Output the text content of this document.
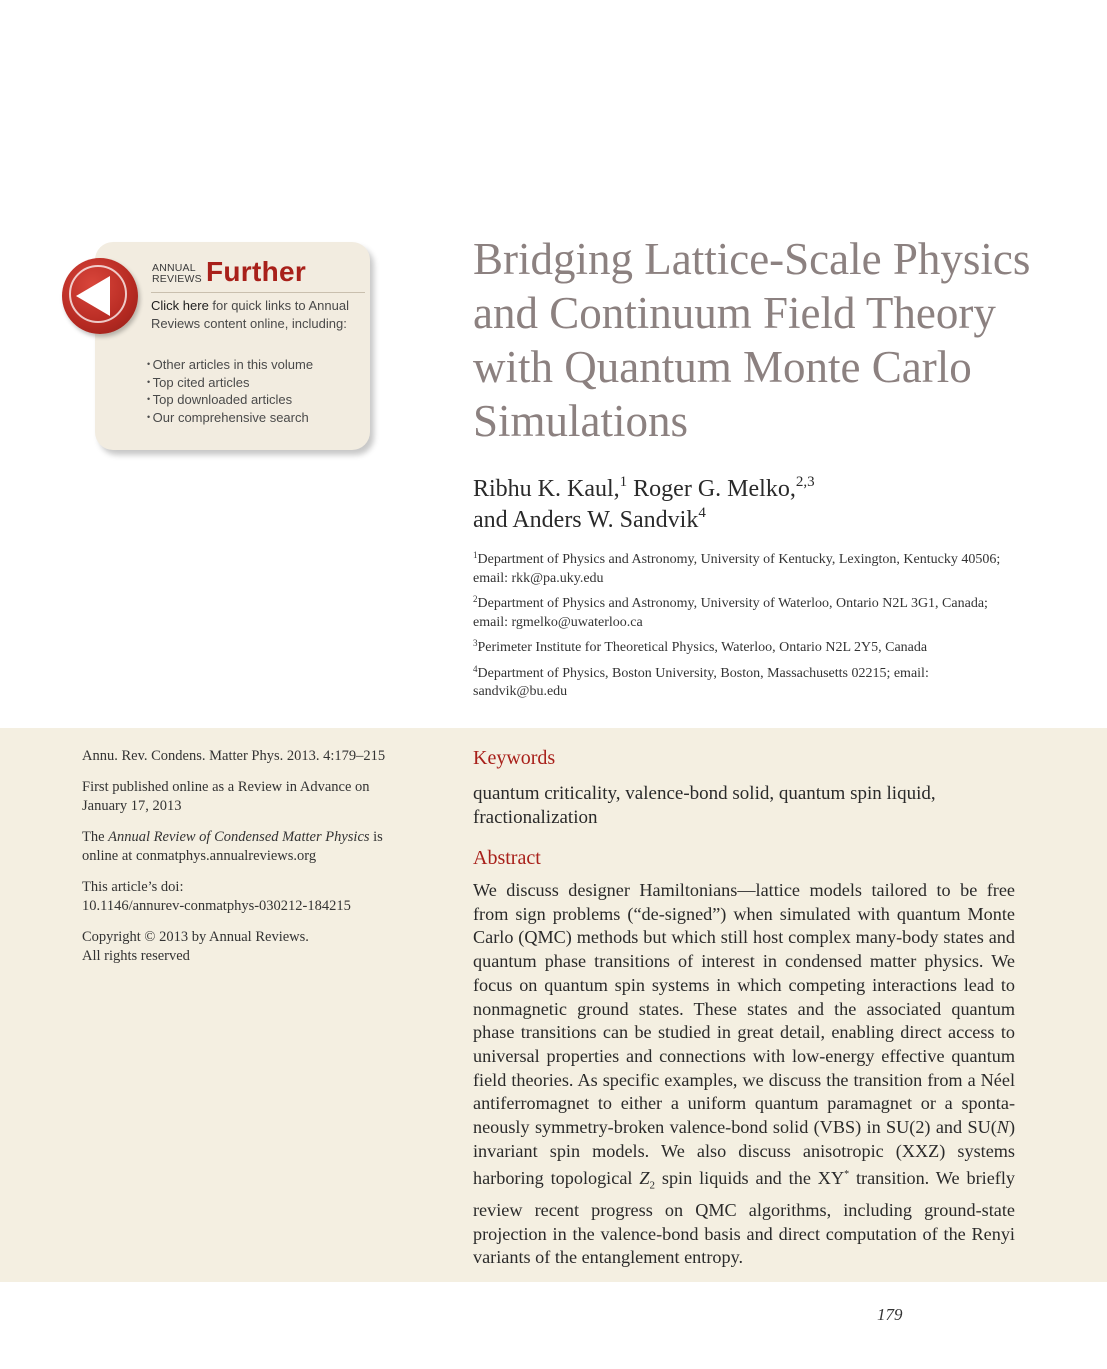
ANNUAL
REVIEWS Further
Click here for quick links to Annual Reviews content online, including:
• Other articles in this volume
• Top cited articles
• Top downloaded articles
• Our comprehensive search
Bridging Lattice-Scale Physics and Continuum Field Theory with Quantum Monte Carlo Simulations
Ribhu K. Kaul,$^1$ Roger G. Melko,$^{2,3}$
and Anders W. Sandvik$^4$

$^1$Department of Physics and Astronomy, University of Kentucky, Lexington, Kentucky 40506; email: rkk@pa.uky.edu

$^2$Department of Physics and Astronomy, University of Waterloo, Ontario N2L 3G1, Canada; email: rgmelko@uwaterloo.ca

$^3$Perimeter Institute for Theoretical Physics, Waterloo, Ontario N2L 2Y5, Canada

$^4$Department of Physics, Boston University, Boston, Massachusetts 02215; email: sandvik@bu.edu

Annu. Rev. Condens. Matter Phys. 2013. 4:179–215

First published online as a Review in Advance on January 17, 2013

The Annual Review of Condensed Matter Physics is online at conmatphys.annualreviews.org

This article’s doi:
10.1146/annurev-conmatphys-030212-184215

Copyright © 2013 by Annual Reviews.
All rights reserved

Keywords
quantum criticality, valence-bond solid, quantum spin liquid, fractionalization
Abstract

We discuss designer Hamiltonians—lattice models tailored to be free from sign problems (“de-signed”) when simulated with quantum Monte Carlo (QMC) methods but which still host complex many-body states and quantum phase transitions of interest in condensed matter physics. We focus on quantum spin systems in which competing interactions lead to nonmagnetic ground states. These states and the associated quantum phase transitions can be studied in great detail, enabling direct access to universal properties and connections with low-energy effective quantum field theories. As specific examples, we discuss the transition from a Néel antiferromagnet to either a uniform quantum paramagnet or a spontaneously symmetry-broken valence-bond solid (VBS) in SU(2) and SU(N) invariant spin models. We also discuss anisotropic (XXZ) systems harboring topological $Z_2$ spin liquids and the XY* transition. We briefly review recent progress on QMC algorithms, including ground-state projection in the valence-bond basis and direct computation of the Renyi variants of the entanglement entropy.

179
